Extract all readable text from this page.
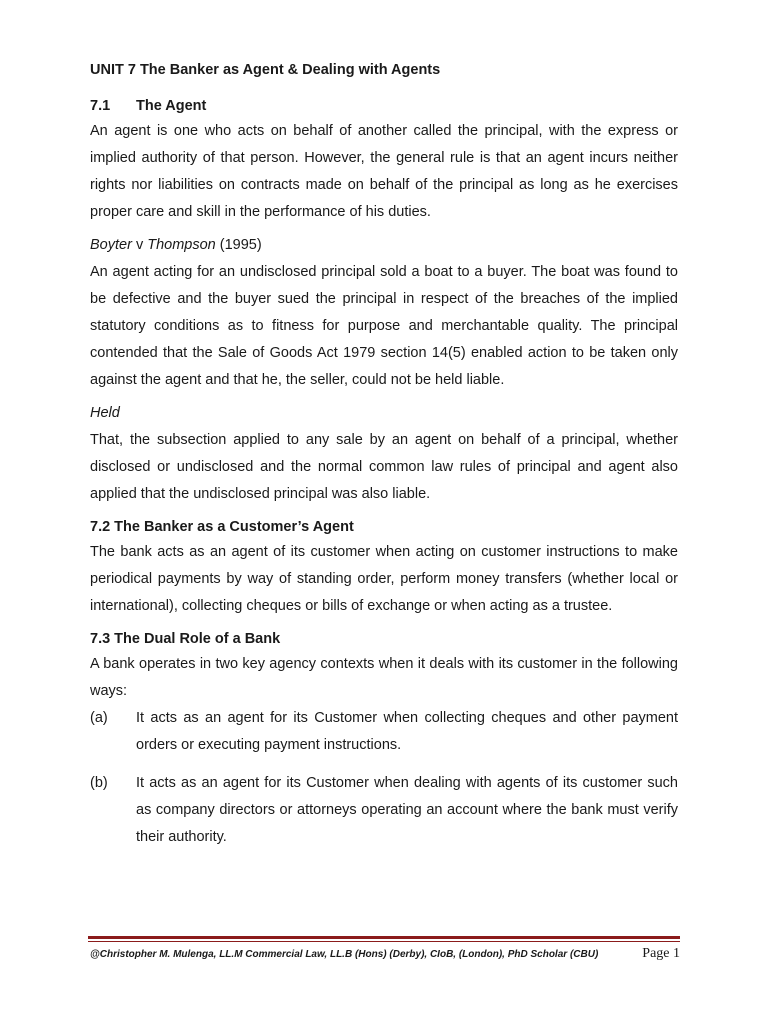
UNIT 7 The Banker as Agent & Dealing with Agents
7.1 The Agent

An agent is one who acts on behalf of another called the principal, with the express or implied authority of that person. However, the general rule is that an agent incurs neither rights nor liabilities on contracts made on behalf of the principal as long as he exercises proper care and skill in the performance of his duties.

Boyter v Thompson (1995)

An agent acting for an undisclosed principal sold a boat to a buyer. The boat was found to be defective and the buyer sued the principal in respect of the breaches of the implied statutory conditions as to fitness for purpose and merchantable quality. The principal contended that the Sale of Goods Act 1979 section 14(5) enabled action to be taken only against the agent and that he, the seller, could not be held liable.

Held

That, the subsection applied to any sale by an agent on behalf of a principal, whether disclosed or undisclosed and the normal common law rules of principal and agent also applied that the undisclosed principal was also liable.

7.2 The Banker as a Customer’s Agent

The bank acts as an agent of its customer when acting on customer instructions to make periodical payments by way of standing order, perform money transfers (whether local or international), collecting cheques or bills of exchange or when acting as a trustee.

7.3 The Dual Role of a Bank

A bank operates in two key agency contexts when it deals with its customer in the following ways:

(a)	It acts as an agent for its Customer when collecting cheques and other payment orders or executing payment instructions.
(b)	It acts as an agent for its Customer when dealing with agents of its customer such as company directors or attorneys operating an account where the bank must verify their authority.
@Christopher M. Mulenga, LL.M Commercial Law, LL.B (Hons) (Derby), CIoB, (London), PhD Scholar (CBU)	Page 1
